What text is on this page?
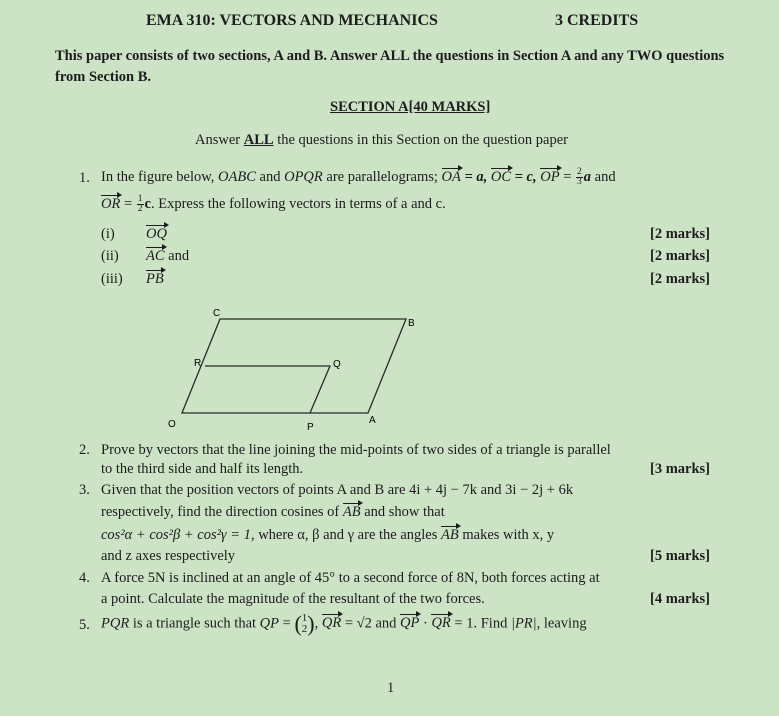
EMA 310: VECTORS AND MECHANICS	3 CREDITS
This paper consists of two sections, A and B. Answer ALL the questions in Section A and any TWO questions from Section B.
SECTION A[40 MARKS]
Answer ALL the questions in this Section on the question paper
1. In the figure below, OABC and OPQR are parallelograms; OA = a, OC = c, OP = $\frac{2}{3}$ a and
OR = $\frac{1}{2} c$. Express the following vectors in terms of a and c.
(i) OQ	[2 marks]
(ii) AC and	[2 marks]
(iii) PB	[2 marks]
O	P
A
C
B
R	Q
2. Prove by vectors that the line joining the mid-points of two sides of a triangle is parallel
to the third side and half its length.	[3 marks]
3. Given that the position vectors of points A and B are 4i + 4j − 7k and 3i − 2j + 6k
respectively, find the direction cosines of AB and show that
cos²α + cos²β + cos²γ = 1, where α, β and γ are the angles AB makes with x, y
and z axes respectively	[5 marks]
4. A force 5N is inclined at an angle of 45° to a second force of 8N, both forces acting at
a point. Calculate the magnitude of the resultant of the two forces.	[4 marks]
5. PQR is a triangle such that QP = ( 1
2 ), QR = √2 and QP · QR = 1. Find |PR|, leaving
1
